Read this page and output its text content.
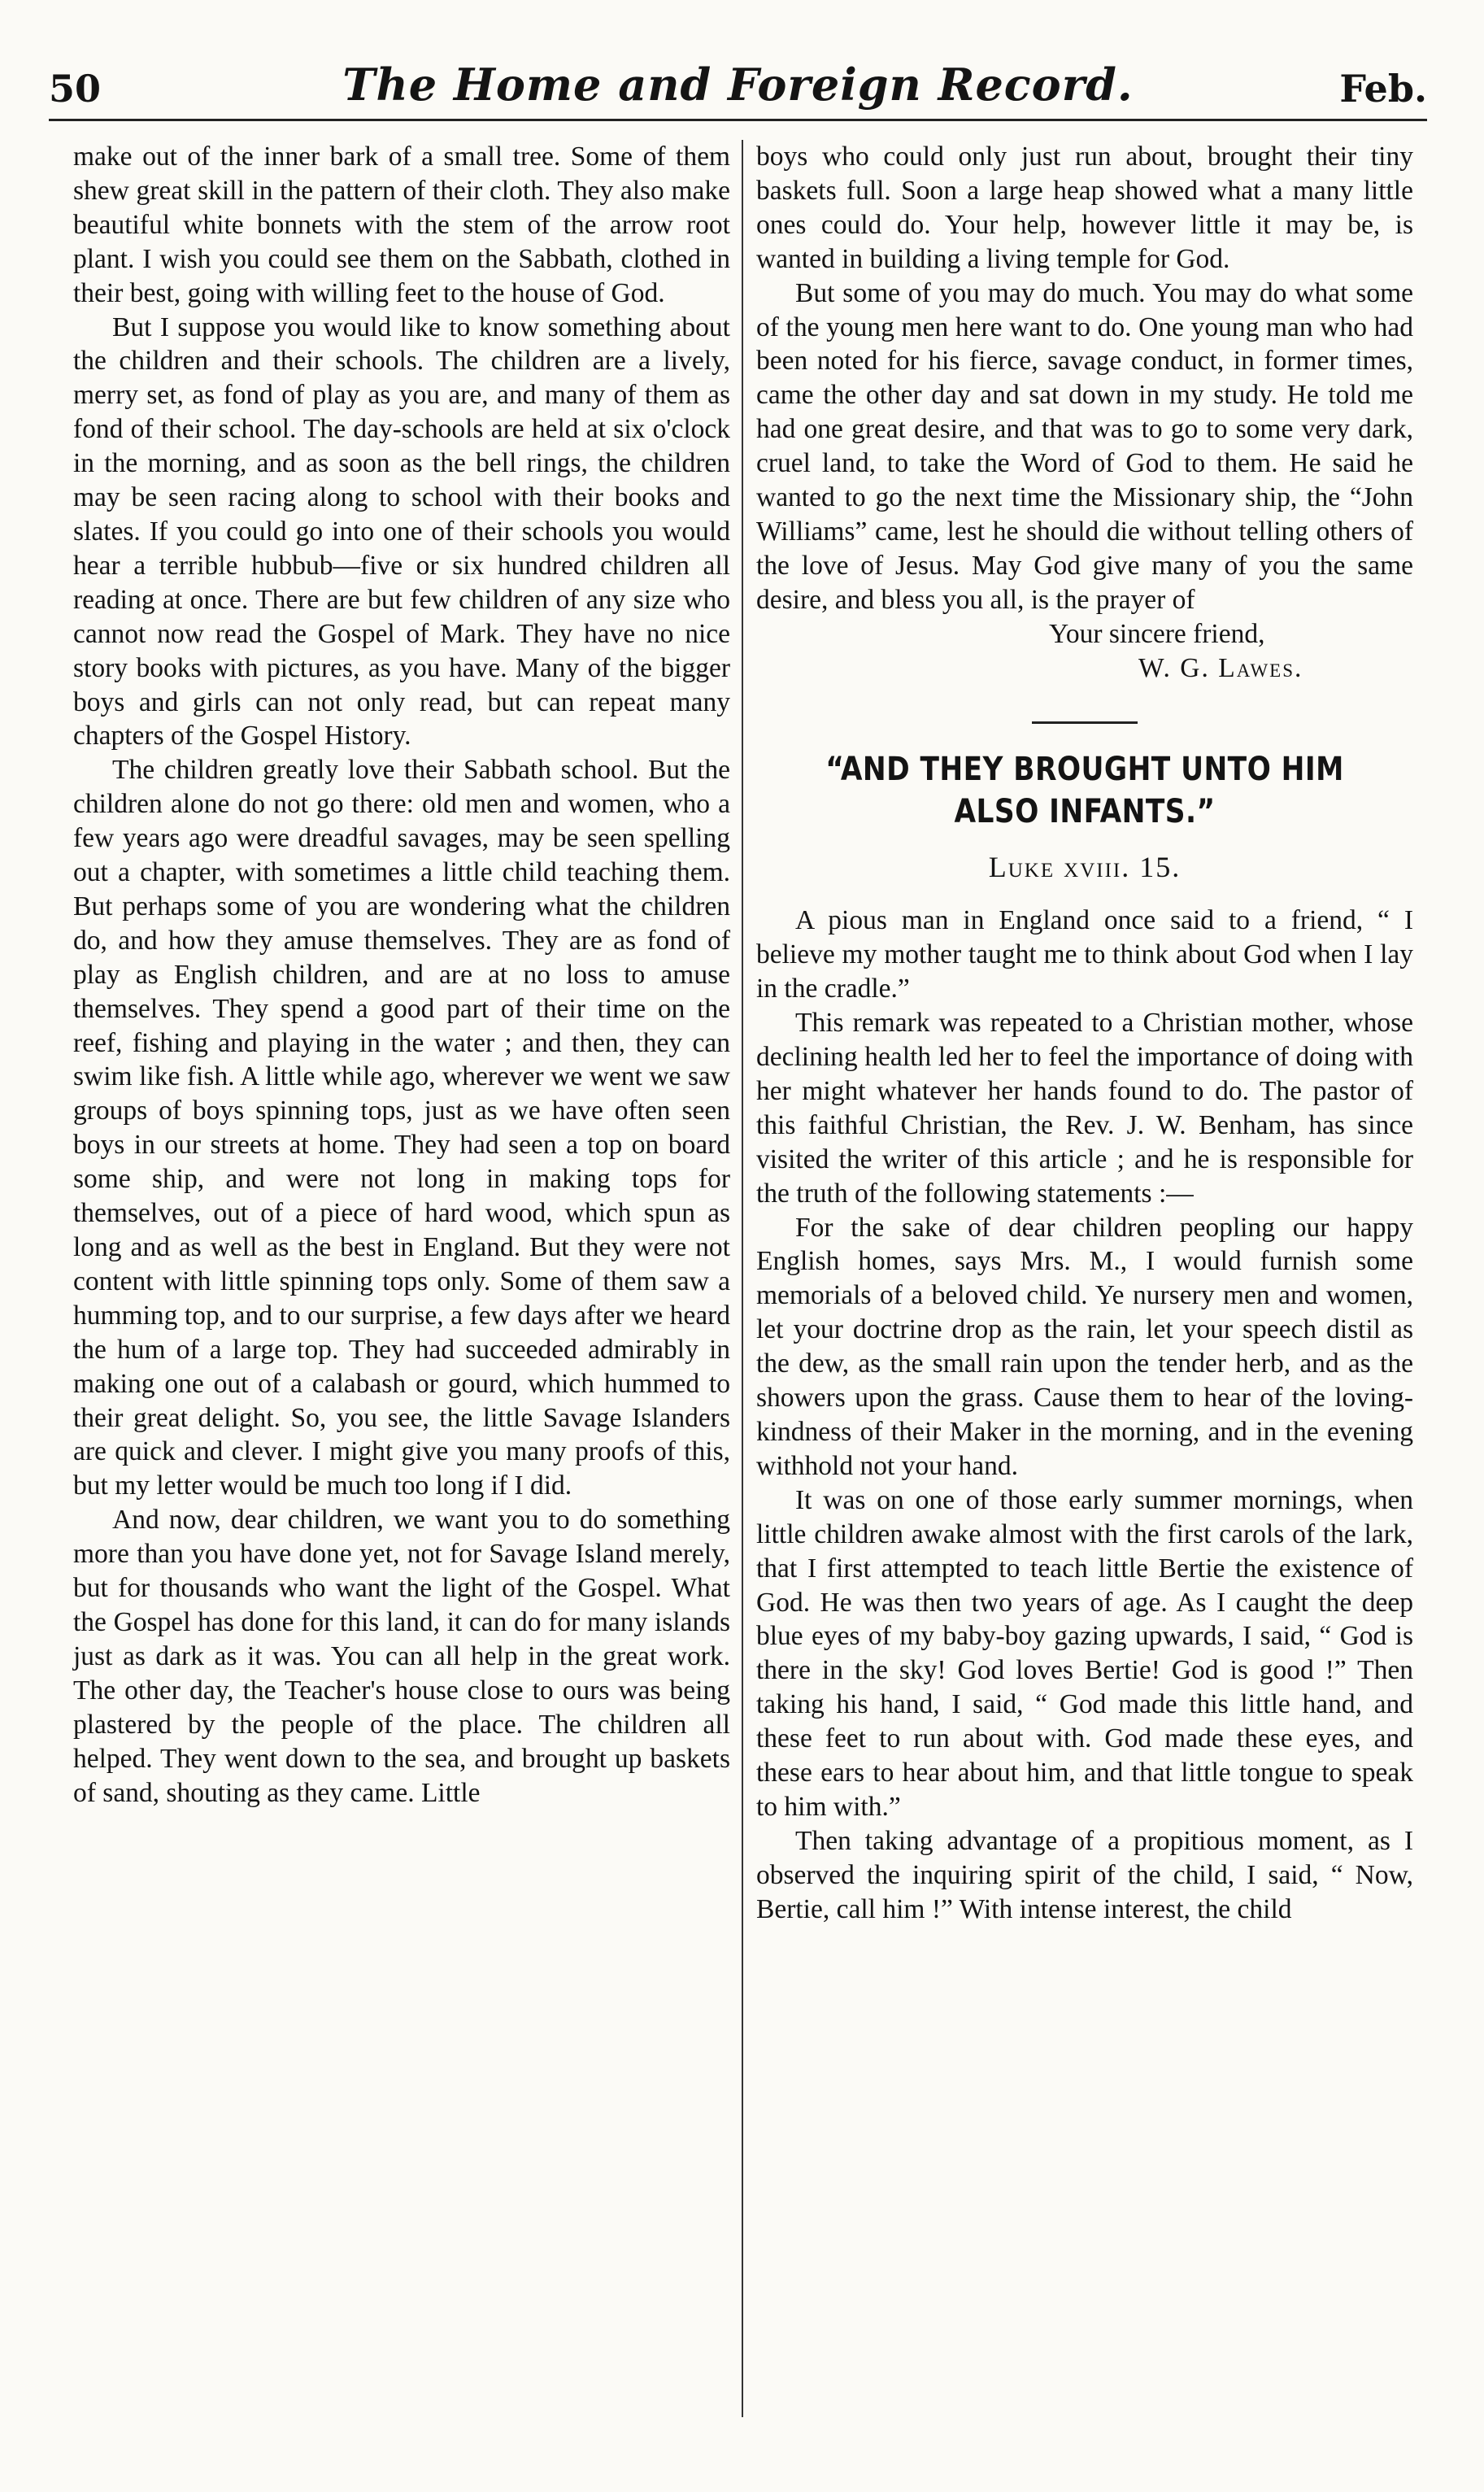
50	The Home and Foreign Record.	Feb.

make out of the inner bark of a small tree. Some of them shew great skill in the pattern of their cloth. They also make beautiful white bonnets with the stem of the arrow root plant. I wish you could see them on the Sabbath, clothed in their best, going with willing feet to the house of God.

But I suppose you would like to know something about the children and their schools. The children are a lively, merry set, as fond of play as you are, and many of them as fond of their school. The day-schools are held at six o'clock in the morning, and as soon as the bell rings, the children may be seen racing along to school with their books and slates. If you could go into one of their schools you would hear a terrible hubbub—five or six hundred children all reading at once. There are but few children of any size who cannot now read the Gospel of Mark. They have no nice story books with pictures, as you have. Many of the bigger boys and girls can not only read, but can repeat many chapters of the Gospel History.

The children greatly love their Sabbath school. But the children alone do not go there: old men and women, who a few years ago were dreadful savages, may be seen spelling out a chapter, with sometimes a little child teaching them. But perhaps some of you are wondering what the children do, and how they amuse themselves. They are as fond of play as English children, and are at no loss to amuse themselves. They spend a good part of their time on the reef, fishing and playing in the water ; and then, they can swim like fish. A little while ago, wherever we went we saw groups of boys spinning tops, just as we have often seen boys in our streets at home. They had seen a top on board some ship, and were not long in making tops for themselves, out of a piece of hard wood, which spun as long and as well as the best in England. But they were not content with little spinning tops only. Some of them saw a humming top, and to our surprise, a few days after we heard the hum of a large top. They had succeeded admirably in making one out of a calabash or gourd, which hummed to their great delight. So, you see, the little Savage Islanders are quick and clever. I might give you many proofs of this, but my letter would be much too long if I did.

And now, dear children, we want you to do something more than you have done yet, not for Savage Island merely, but for thousands who want the light of the Gospel. What the Gospel has done for this land, it can do for many islands just as dark as it was. You can all help in the great work. The other day, the Teacher's house close to ours was being plastered by the people of the place. The children all helped. They went down to the sea, and brought up baskets of sand, shouting as they came. Little

boys who could only just run about, brought their tiny baskets full. Soon a large heap showed what a many little ones could do. Your help, however little it may be, is wanted in building a living temple for God.

But some of you may do much. You may do what some of the young men here want to do. One young man who had been noted for his fierce, savage conduct, in former times, came the other day and sat down in my study. He told me had one great desire, and that was to go to some very dark, cruel land, to take the Word of God to them. He said he wanted to go the next time the Missionary ship, the “John Williams” came, lest he should die without telling others of the love of Jesus. May God give many of you the same desire, and bless you all, is the prayer of

Your sincere friend,
W. G. Lawes.
“AND THEY BROUGHT UNTO HIM ALSO INFANTS.”
Luke xviii. 15.

A pious man in England once said to a friend, “ I believe my mother taught me to think about God when I lay in the cradle.”

This remark was repeated to a Christian mother, whose declining health led her to feel the importance of doing with her might whatever her hands found to do. The pastor of this faithful Christian, the Rev. J. W. Benham, has since visited the writer of this article ; and he is responsible for the truth of the following statements :—

For the sake of dear children peopling our happy English homes, says Mrs. M., I would furnish some memorials of a beloved child. Ye nursery men and women, let your doctrine drop as the rain, let your speech distil as the dew, as the small rain upon the tender herb, and as the showers upon the grass. Cause them to hear of the loving-kindness of their Maker in the morning, and in the evening withhold not your hand.

It was on one of those early summer mornings, when little children awake almost with the first carols of the lark, that I first attempted to teach little Bertie the existence of God. He was then two years of age. As I caught the deep blue eyes of my baby-boy gazing upwards, I said, “ God is there in the sky! God loves Bertie! God is good !” Then taking his hand, I said, “ God made this little hand, and these feet to run about with. God made these eyes, and these ears to hear about him, and that little tongue to speak to him with.”

Then taking advantage of a propitious moment, as I observed the inquiring spirit of the child, I said, “ Now, Bertie, call him !” With intense interest, the child
